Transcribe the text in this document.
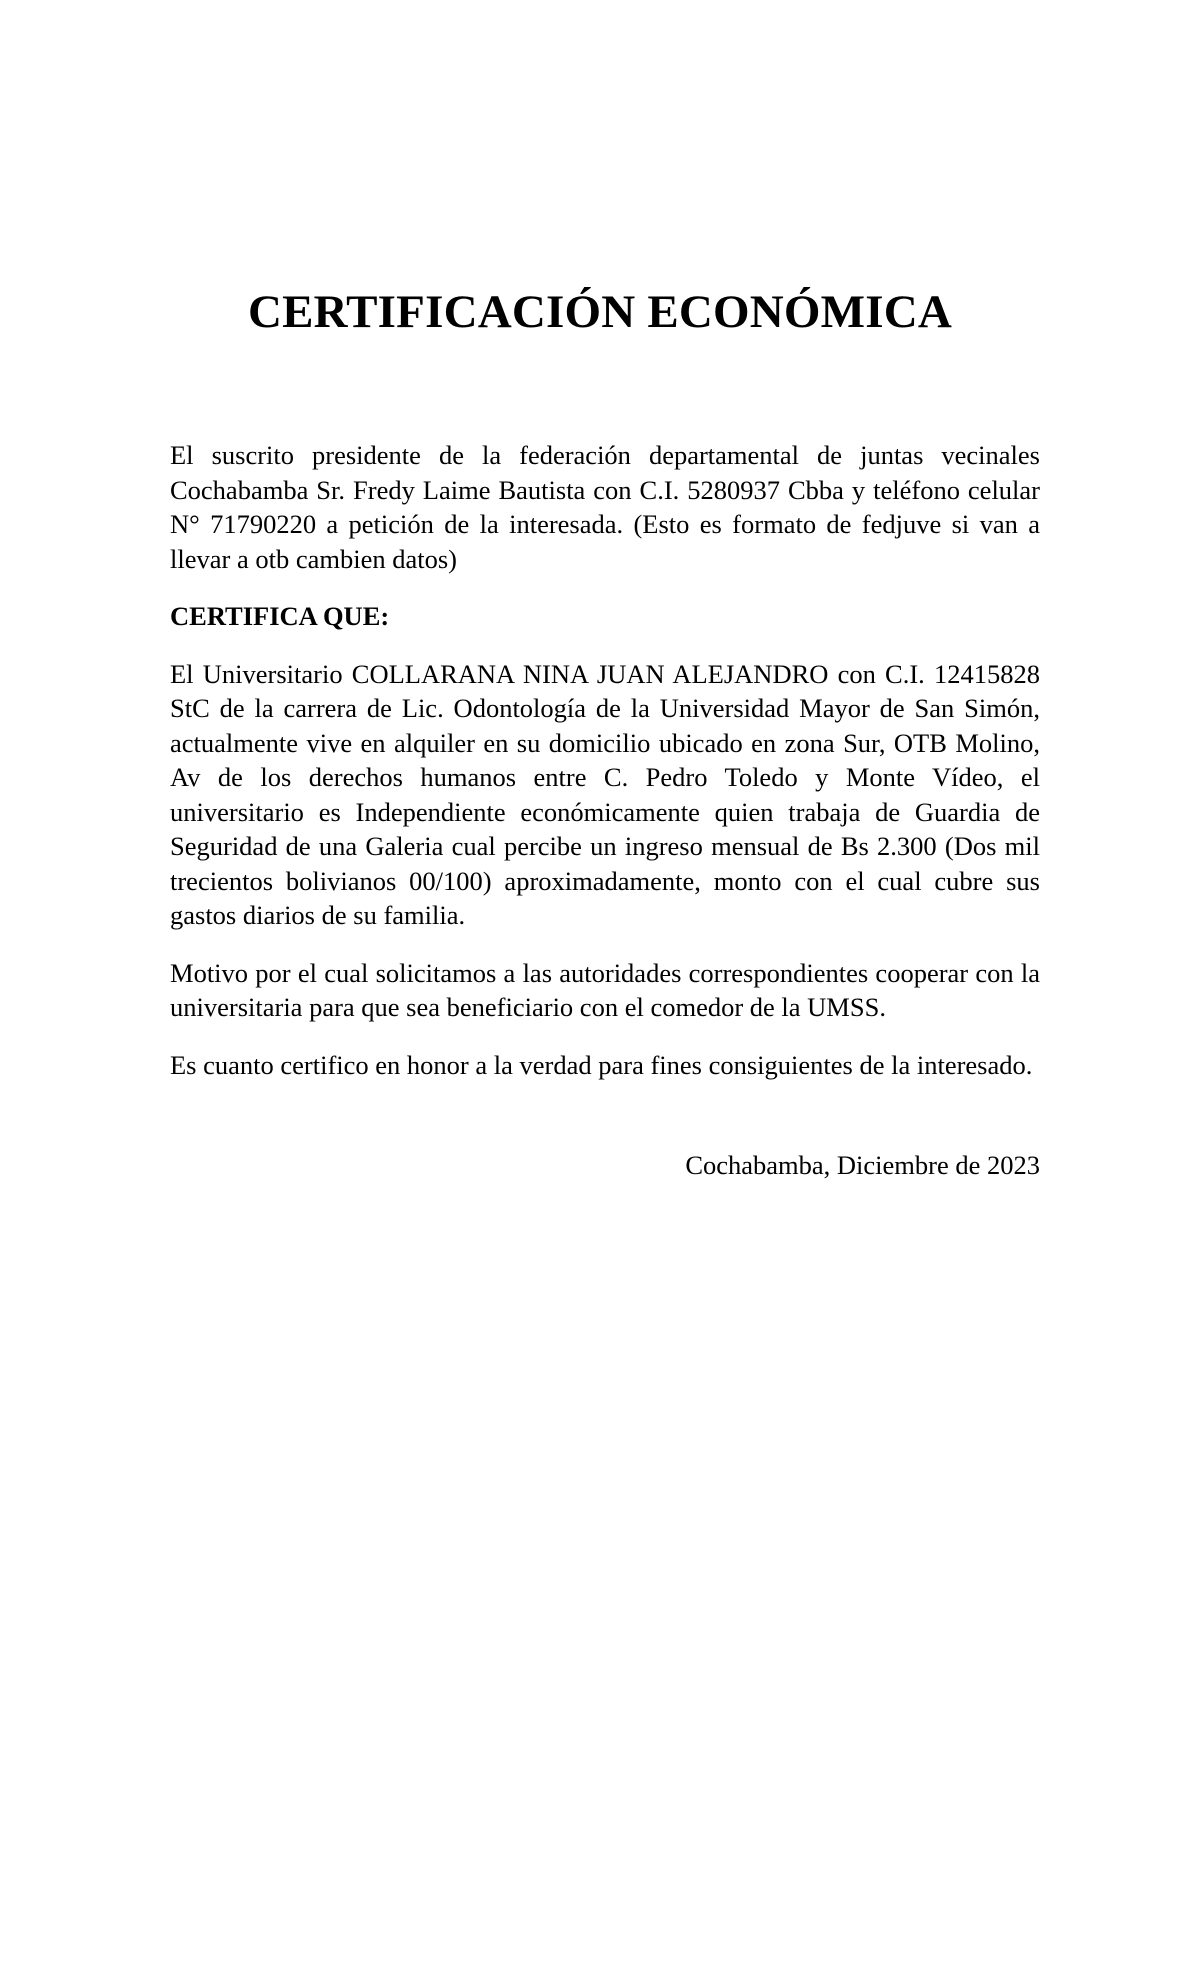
CERTIFICACIÓN ECONÓMICA

El suscrito presidente de la federación departamental de juntas vecinales Cochabamba Sr. Fredy Laime Bautista con C.I. 5280937 Cbba y teléfono celular N° 71790220 a petición de la interesada. (Esto es formato de fedjuve si van a llevar a otb cambien datos)

CERTIFICA QUE:

El Universitario COLLARANA NINA JUAN ALEJANDRO con C.I. 12415828 StC de la carrera de Lic. Odontología de la Universidad Mayor de San Simón, actualmente vive en alquiler en su domicilio ubicado en zona Sur, OTB Molino, Av de los derechos humanos entre C. Pedro Toledo y Monte Vídeo, el universitario es Independiente económicamente quien trabaja de Guardia de Seguridad de una Galeria cual percibe un ingreso mensual de Bs 2.300 (Dos mil trecientos bolivianos 00/100) aproximadamente, monto con el cual cubre sus gastos diarios de su familia.

Motivo por el cual solicitamos a las autoridades correspondientes cooperar con la universitaria para que sea beneficiario con el comedor de la UMSS.

Es cuanto certifico en honor a la verdad para fines consiguientes de la interesado.

Cochabamba, Diciembre de 2023
